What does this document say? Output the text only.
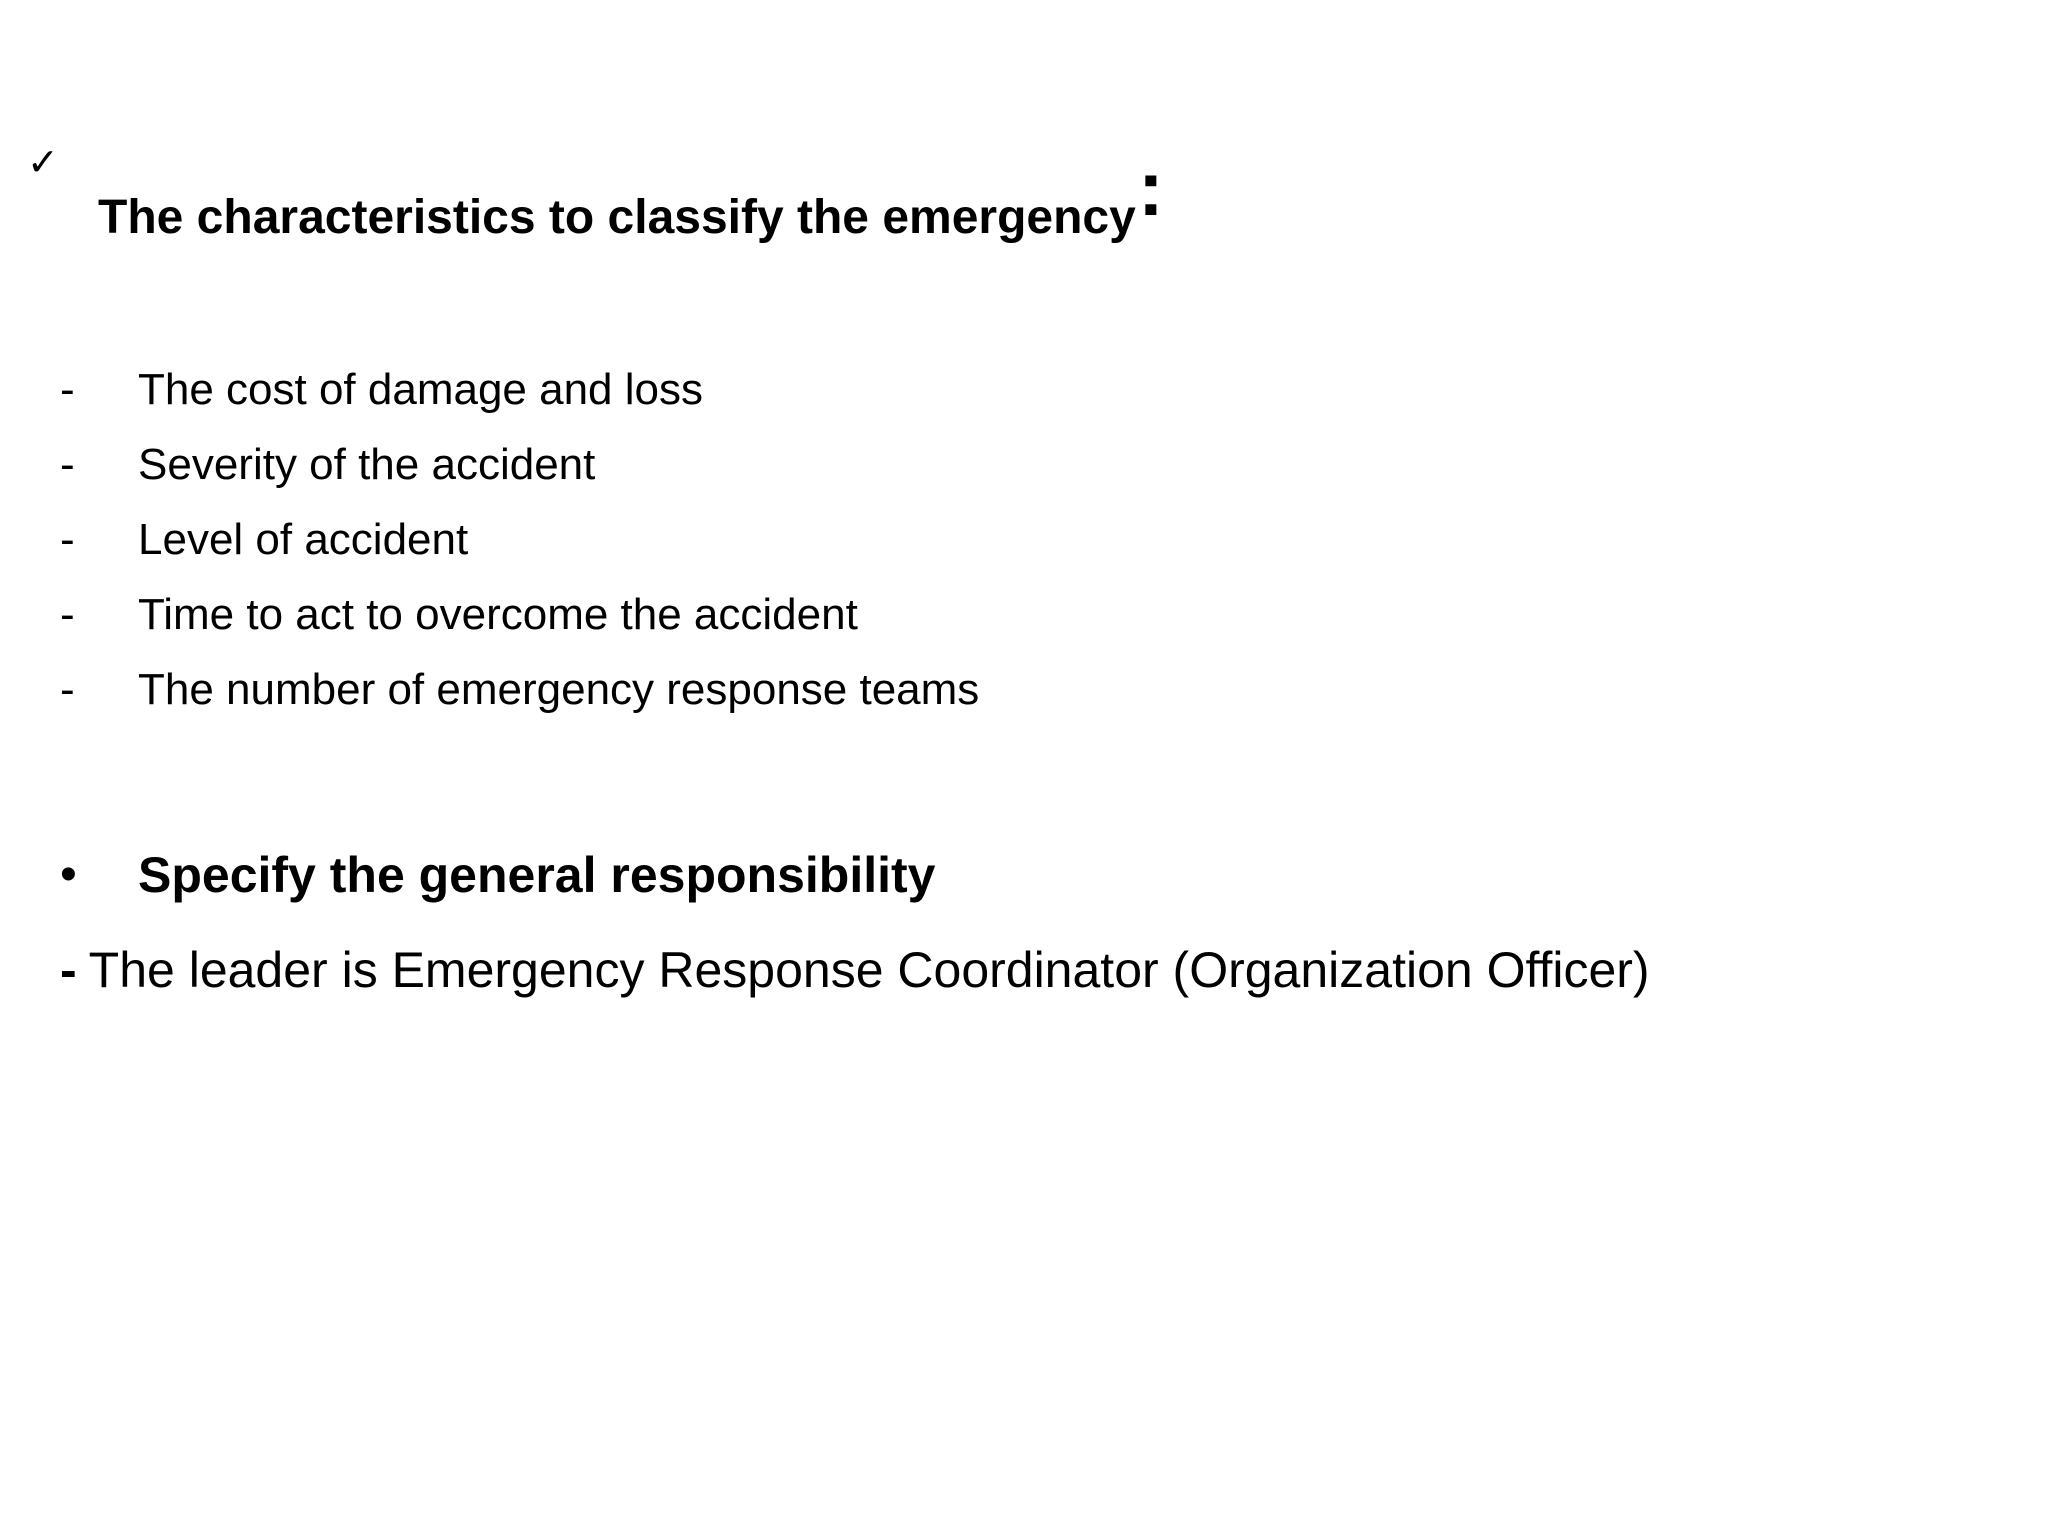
✓
The characteristics to classify the emergency:
- The cost of damage and loss
- Severity of the accident
- Level of accident
- Time to act to overcome the accident
- The number of emergency response teams
• Specify the general responsibility
- The leader is Emergency Response Coordinator (Organization Officer)
